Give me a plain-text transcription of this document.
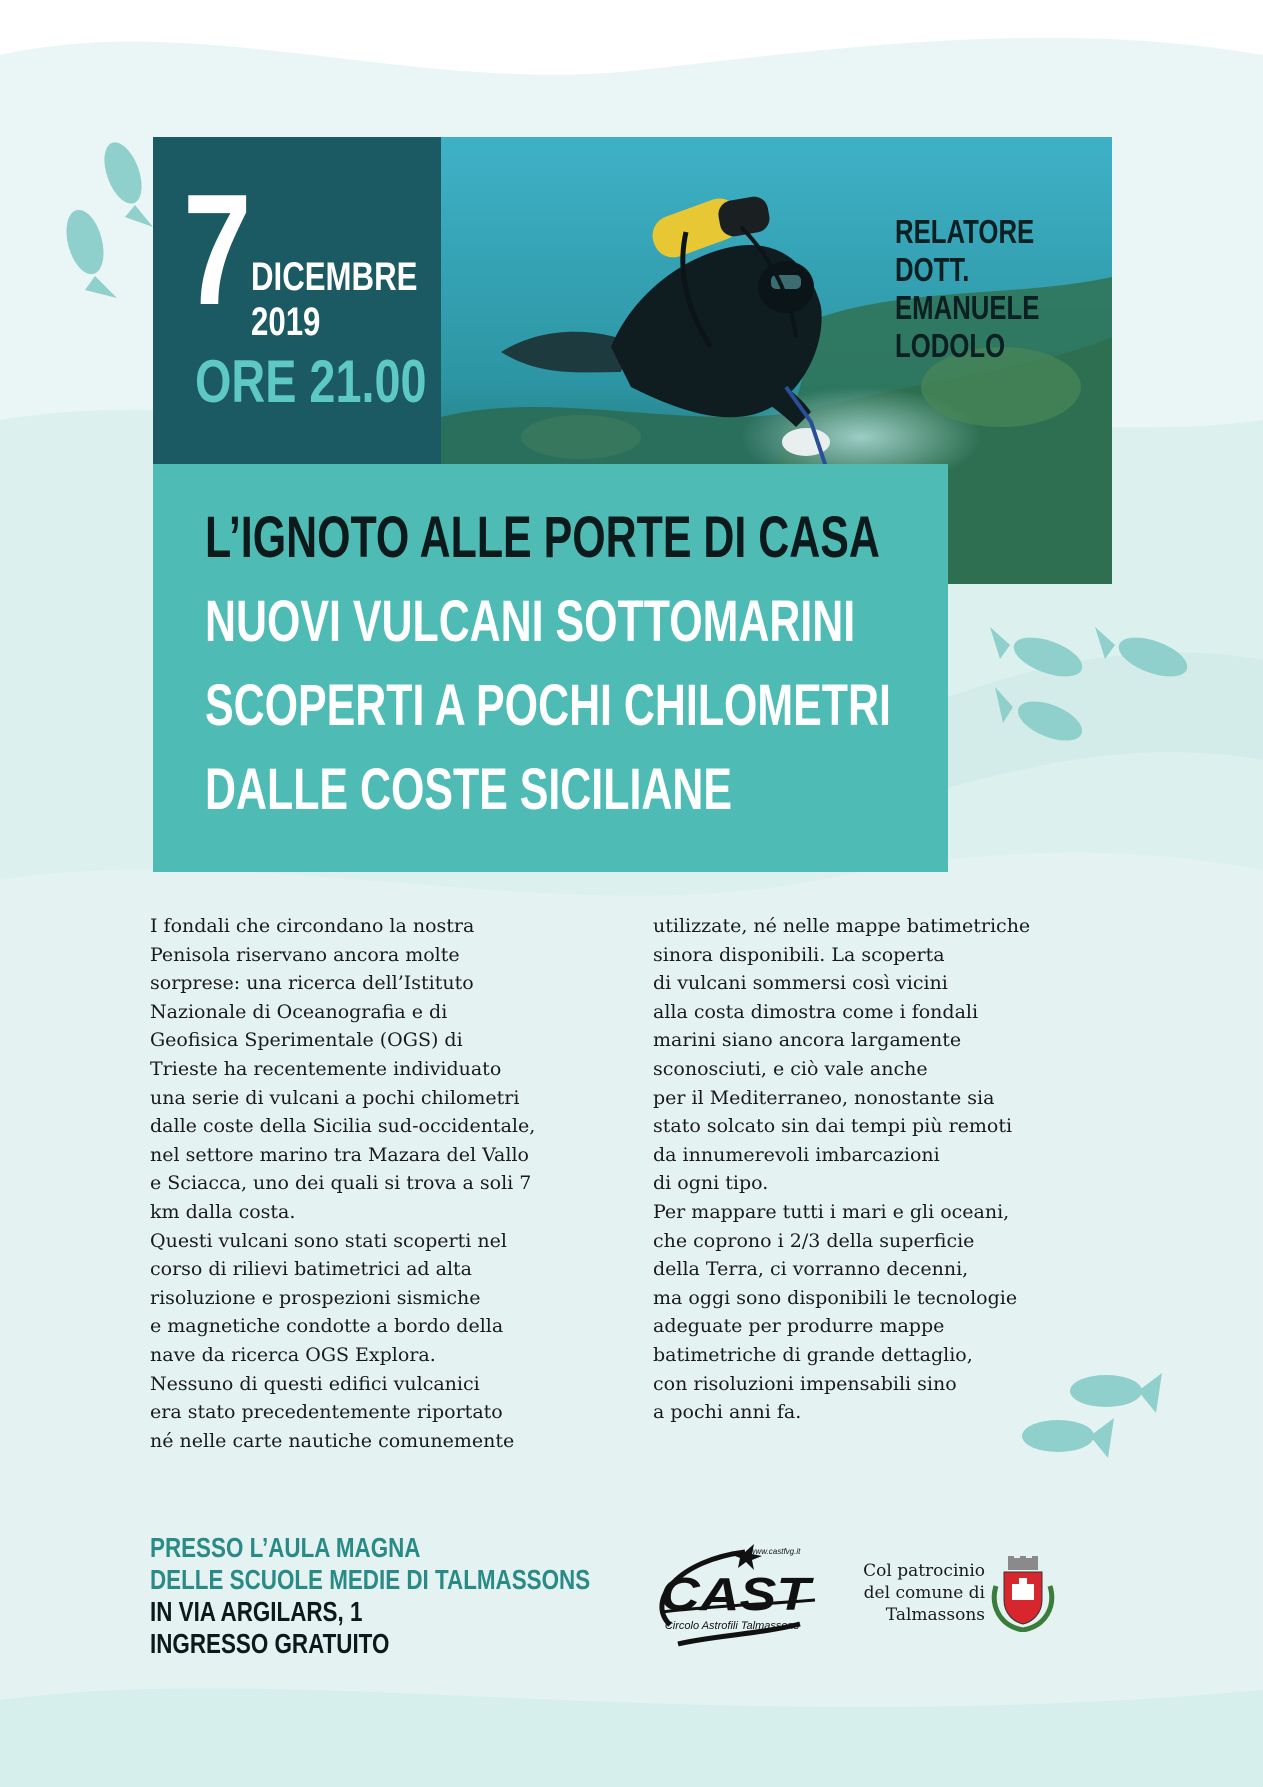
7 DICEMBRE
2019
ORE 21.00
RELATORE
DOTT.
EMANUELE
LODOLO
L’IGNOTO ALLE PORTE DI CASA
NUOVI VULCANI SOTTOMARINI
SCOPERTI A POCHI CHILOMETRI
DALLE COSTE SICILIANE
I fondali che circondano la nostra
Penisola riservano ancora molte
sorprese: una ricerca dell’Istituto
Nazionale di Oceanografia e di
Geofisica Sperimentale (OGS) di
Trieste ha recentemente individuato
una serie di vulcani a pochi chilometri
dalle coste della Sicilia sud-occidentale,
nel settore marino tra Mazara del Vallo
e Sciacca, uno dei quali si trova a soli 7
km dalla costa.
Questi vulcani sono stati scoperti nel
corso di rilievi batimetrici ad alta
risoluzione e prospezioni sismiche
e magnetiche condotte a bordo della
nave da ricerca OGS Explora.
Nessuno di questi edifici vulcanici
era stato precedentemente riportato
né nelle carte nautiche comunemente
utilizzate, né nelle mappe batimetriche
sinora disponibili. La scoperta
di vulcani sommersi così vicini
alla costa dimostra come i fondali
marini siano ancora largamente
sconosciuti, e ciò vale anche
per il Mediterraneo, nonostante sia
stato solcato sin dai tempi più remoti
da innumerevoli imbarcazioni
di ogni tipo.
Per mappare tutti i mari e gli oceani,
che coprono i 2/3 della superficie
della Terra, ci vorranno decenni,
ma oggi sono disponibili le tecnologie
adeguate per produrre mappe
batimetriche di grande dettaglio,
con risoluzioni impensabili sino
a pochi anni fa.
PRESSO L’AULA MAGNA
DELLE SCUOLE MEDIE DI TALMASSONS
IN VIA ARGILARS, 1
INGRESSO GRATUITO
www.castfvg.it
CAST
Circolo Astrofili Talmassons
Col patrocinio
del comune di
Talmassons
